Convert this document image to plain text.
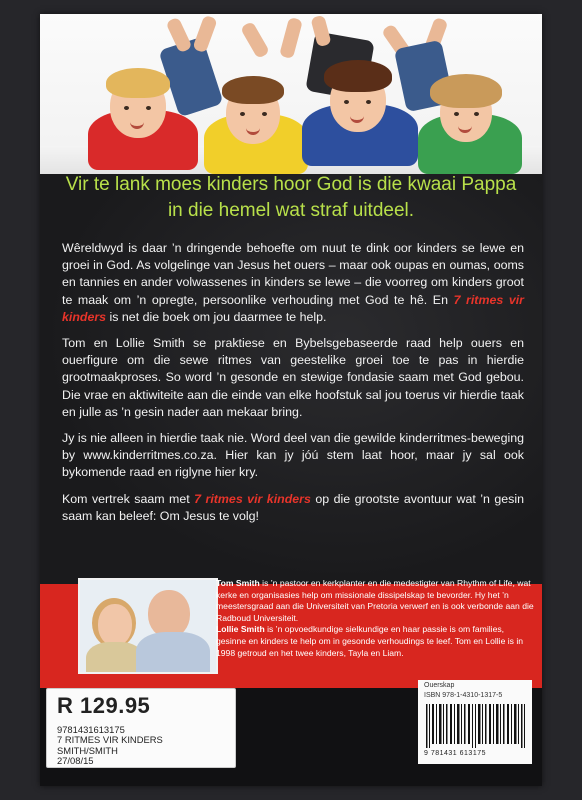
Vir te lank moes kinders hoor God is die kwaai Pappa in die hemel wat straf uitdeel.

Wêreldwyd is daar ’n dringende behoefte om nuut te dink oor kinders se lewe en groei in God. As volgelinge van Jesus het ouers – maar ook oupas en oumas, ooms en tannies en ander volwassenes in kinders se lewe – die voorreg om kinders groot te maak om ’n opregte, persoonlike verhouding met God te hê. En 7 ritmes vir kinders is net die boek om jou daarmee te help.

Tom en Lollie Smith se praktiese en Bybelsgebaseerde raad help ouers en ouerfigure om die sewe ritmes van geestelike groei toe te pas in hierdie grootmaakproses. So word ’n gesonde en stewige fondasie saam met God gebou. Die vrae en aktiwiteite aan die einde van elke hoofstuk sal jou toerus vir hierdie taak en julle as ’n gesin nader aan mekaar bring.

Jy is nie alleen in hierdie taak nie. Word deel van die gewilde kinderritmes-beweging by www.kinderritmes.co.za. Hier kan jy jóú stem laat hoor, maar jy sal ook bykomende raad en riglyne hier kry.

Kom vertrek saam met 7 ritmes vir kinders op die grootste avontuur wat ’n gesin saam kan beleef: Om Jesus te volg!

Tom Smith is ’n pastoor en kerkplanter en die medestigter van Rhythm of Life, wat kerke en organisasies help om missionale dissipelskap te bevorder. Hy het ’n meestersgraad aan die Universiteit van Pretoria verwerf en is ook verbonde aan die Radboud Universiteit.

Lollie Smith is ’n opvoedkundige sielkundige en haar passie is om families, gesinne en kinders te help om in gesonde verhoudings te leef. Tom en Lollie is in 1998 getroud en het twee kinders, Tayla en Liam.

R 129.95
9781431613175
7 RITMES VIR KINDERS
SMITH/SMITH
27/08/15
Ouerskap
ISBN 978-1-4310-1317-5
9 781431 613175
